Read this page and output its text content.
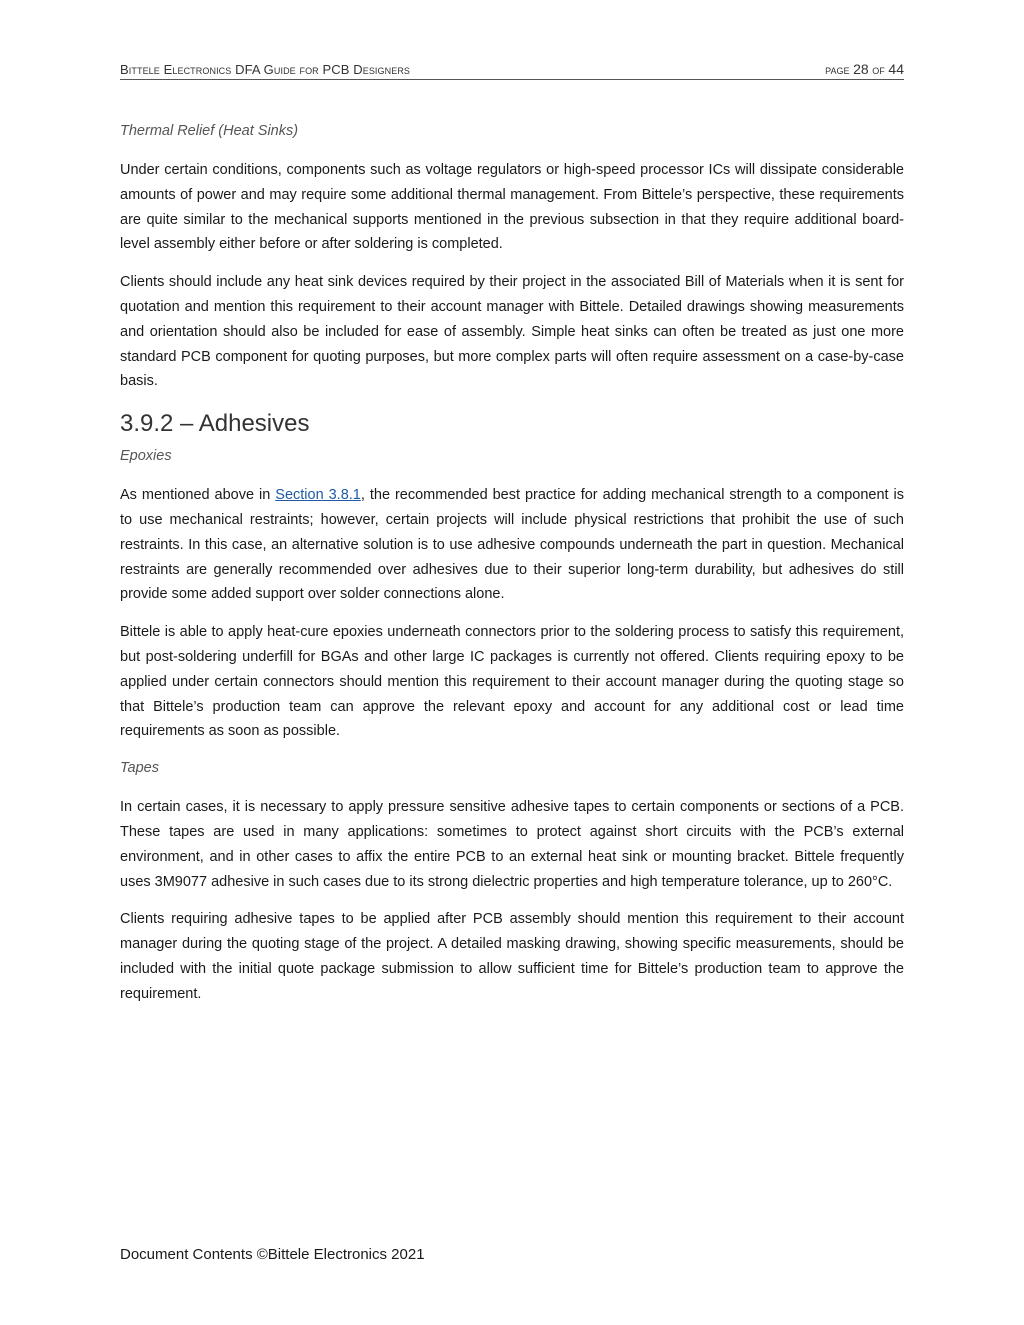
Bittele Electronics DFA Guide for PCB Designers	page 28 of 44
Thermal Relief (Heat Sinks)

Under certain conditions, components such as voltage regulators or high-speed processor ICs will dissipate considerable amounts of power and may require some additional thermal management. From Bittele’s perspective, these requirements are quite similar to the mechanical supports mentioned in the previous subsection in that they require additional board-level assembly either before or after soldering is completed.

Clients should include any heat sink devices required by their project in the associated Bill of Materials when it is sent for quotation and mention this requirement to their account manager with Bittele. Detailed drawings showing measurements and orientation should also be included for ease of assembly. Simple heat sinks can often be treated as just one more standard PCB component for quoting purposes, but more complex parts will often require assessment on a case-by-case basis.

3.9.2 – Adhesives
Epoxies

As mentioned above in Section 3.8.1, the recommended best practice for adding mechanical strength to a component is to use mechanical restraints; however, certain projects will include physical restrictions that prohibit the use of such restraints. In this case, an alternative solution is to use adhesive compounds underneath the part in question. Mechanical restraints are generally recommended over adhesives due to their superior long-term durability, but adhesives do still provide some added support over solder connections alone.

Bittele is able to apply heat-cure epoxies underneath connectors prior to the soldering process to satisfy this requirement, but post-soldering underfill for BGAs and other large IC packages is currently not offered. Clients requiring epoxy to be applied under certain connectors should mention this requirement to their account manager during the quoting stage so that Bittele’s production team can approve the relevant epoxy and account for any additional cost or lead time requirements as soon as possible.

Tapes

In certain cases, it is necessary to apply pressure sensitive adhesive tapes to certain components or sections of a PCB. These tapes are used in many applications: sometimes to protect against short circuits with the PCB’s external environment, and in other cases to affix the entire PCB to an external heat sink or mounting bracket. Bittele frequently uses 3M9077 adhesive in such cases due to its strong dielectric properties and high temperature tolerance, up to 260°C.

Clients requiring adhesive tapes to be applied after PCB assembly should mention this requirement to their account manager during the quoting stage of the project. A detailed masking drawing, showing specific measurements, should be included with the initial quote package submission to allow sufficient time for Bittele’s production team to approve the requirement.

Document Contents ©Bittele Electronics 2021
